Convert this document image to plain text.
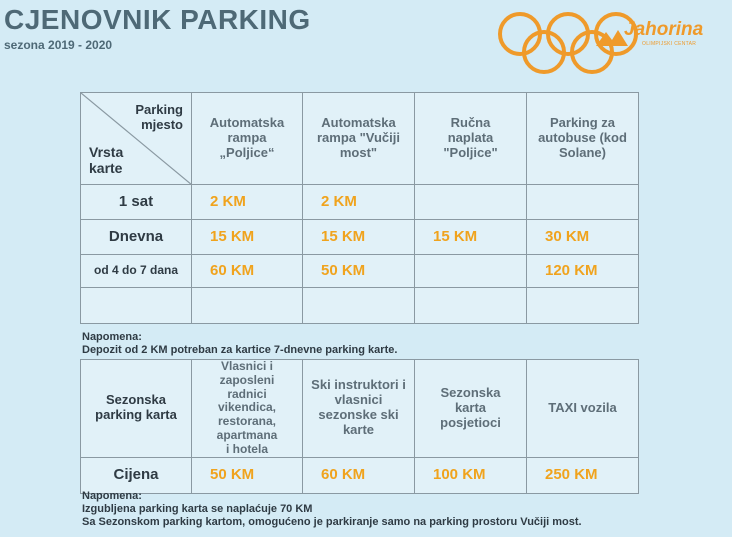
CJENOVNIK PARKING
sezona 2019 - 2020
Jahorina
OLIMPIJSKI CENTAR
Parking
mjesto
Vrsta
karte	Automatska rampa „Poljice“	Automatska rampa "Vučiji most"	Ručna naplata "Poljice"	Parking za autobuse (kod Solane)
1 sat	2 KM	2 KM		
Dnevna	15 KM	15 KM	15 KM	30 KM
od 4 do 7 dana	60 KM	50 KM		120 KM

Napomena:
Depozit od 2 KM potreban za kartice 7-dnevne parking karte.
Sezonska parking karta	Vlasnici i zaposleni radnici vikendica, restorana, apartmana i hotela	Ski instruktori i vlasnici sezonske ski karte	Sezonska karta posjetioci	TAXI vozila
Cijena	50 KM	60 KM	100 KM	250 KM
Napomena:
Izgubljena parking karta se naplaćuje 70 KM
Sa Sezonskom parking kartom, omogućeno je parkiranje samo na parking prostoru Vučiji most.
